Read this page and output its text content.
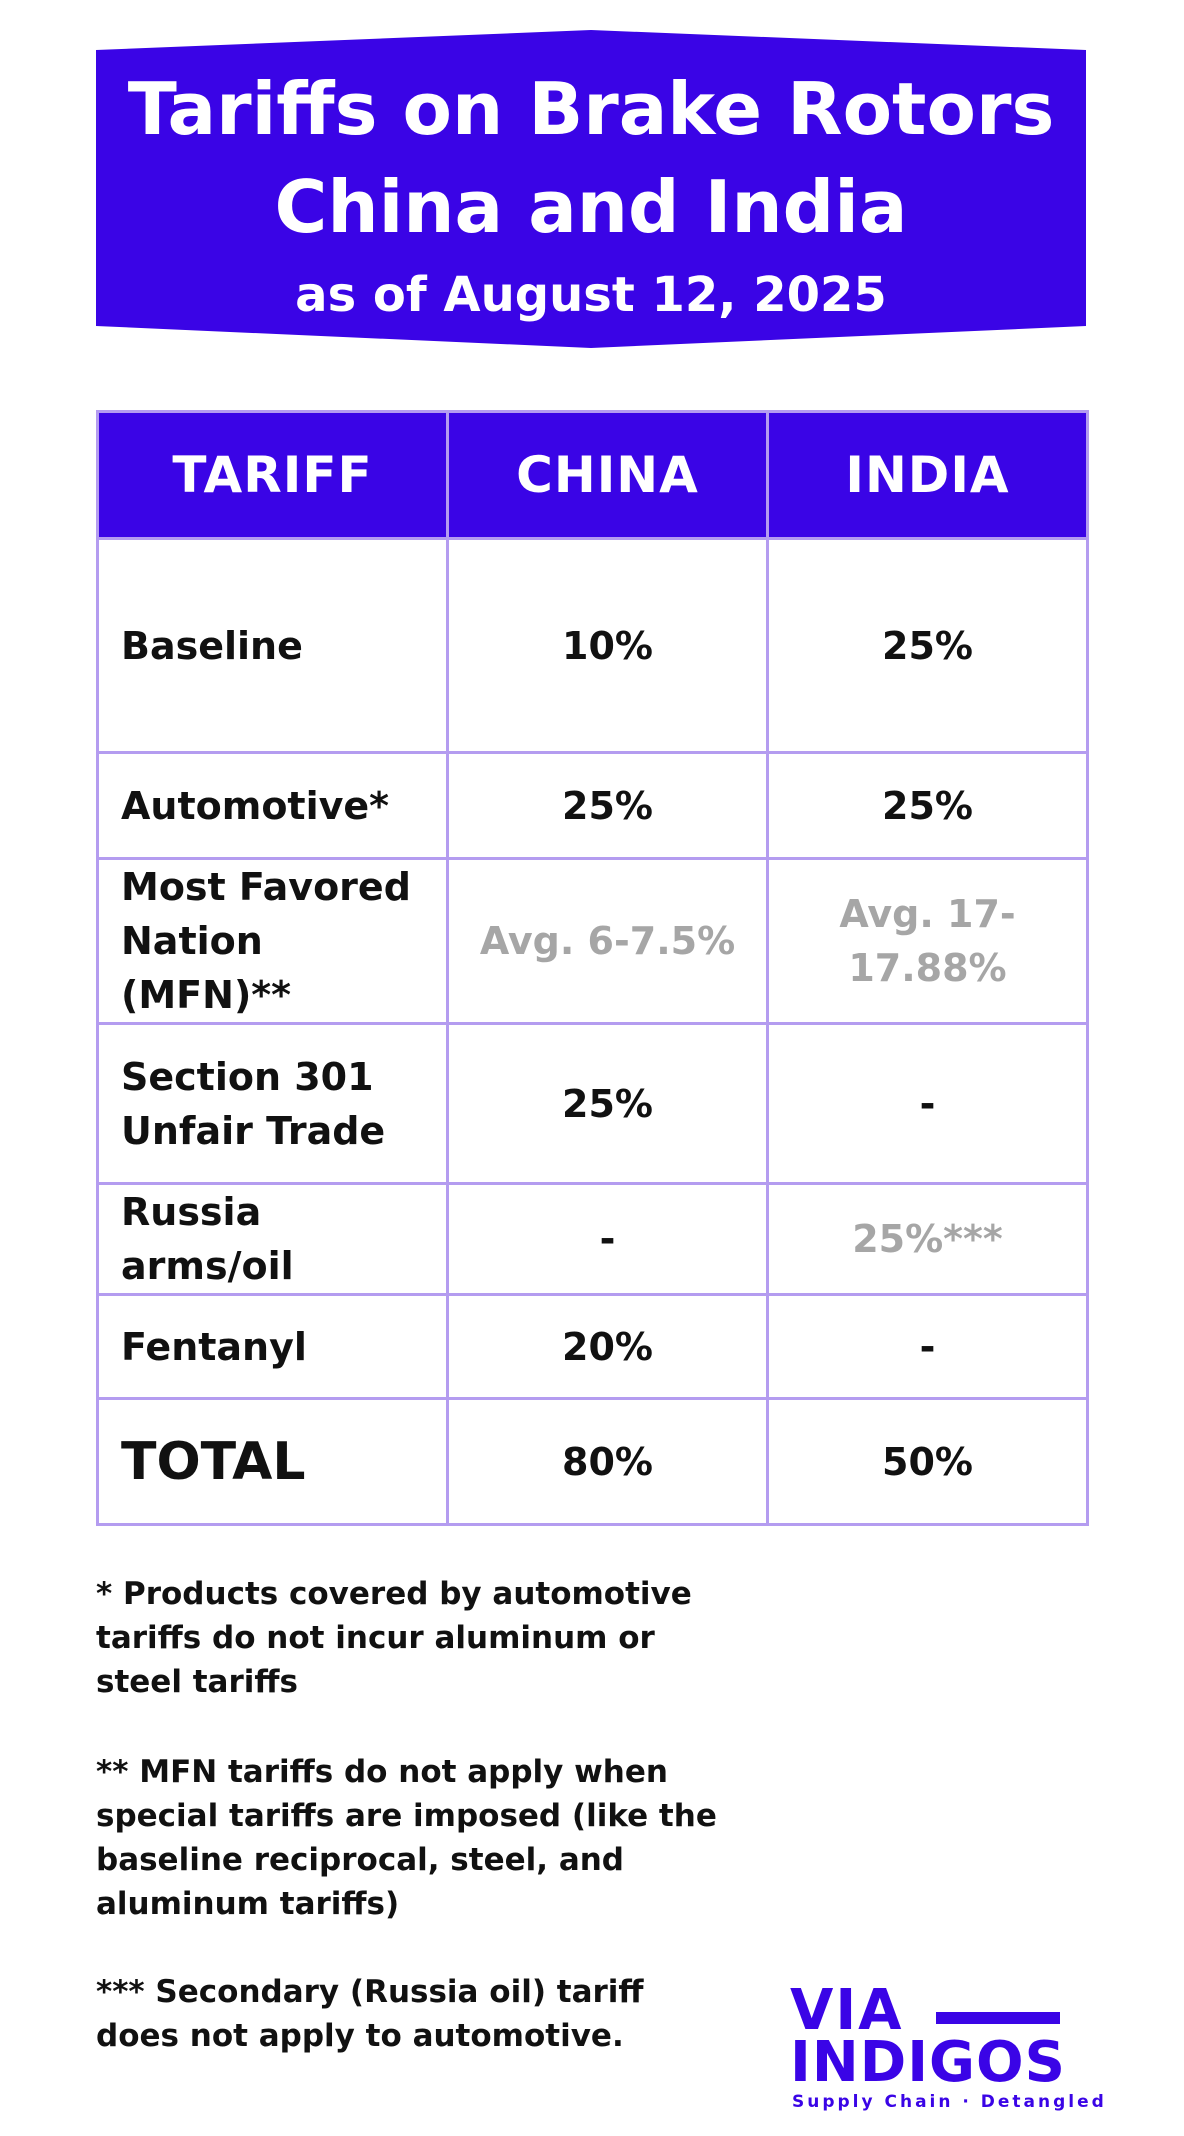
Tariffs on Brake Rotors
China and India
as of August 12, 2025
TARIFF	CHINA	INDIA
Baseline	10%	25%
Automotive*	25%	25%

Most Favored
Nation (MFN)**	Avg. 6-7.5%	Avg. 17-17.88%

Section 301
Unfair Trade	25%	-
Russia arms/oil	-	25%***
Fentanyl	20%	-
TOTAL	80%	50%
* Products covered by automotive tariffs do not incur aluminum or steel tariffs
** MFN tariffs do not apply when special tariffs are imposed (like the baseline reciprocal, steel, and aluminum tariffs)
*** Secondary (Russia oil) tariff does not apply to automotive.	VIA
INDIGOS
Supply Chain · Detangled
